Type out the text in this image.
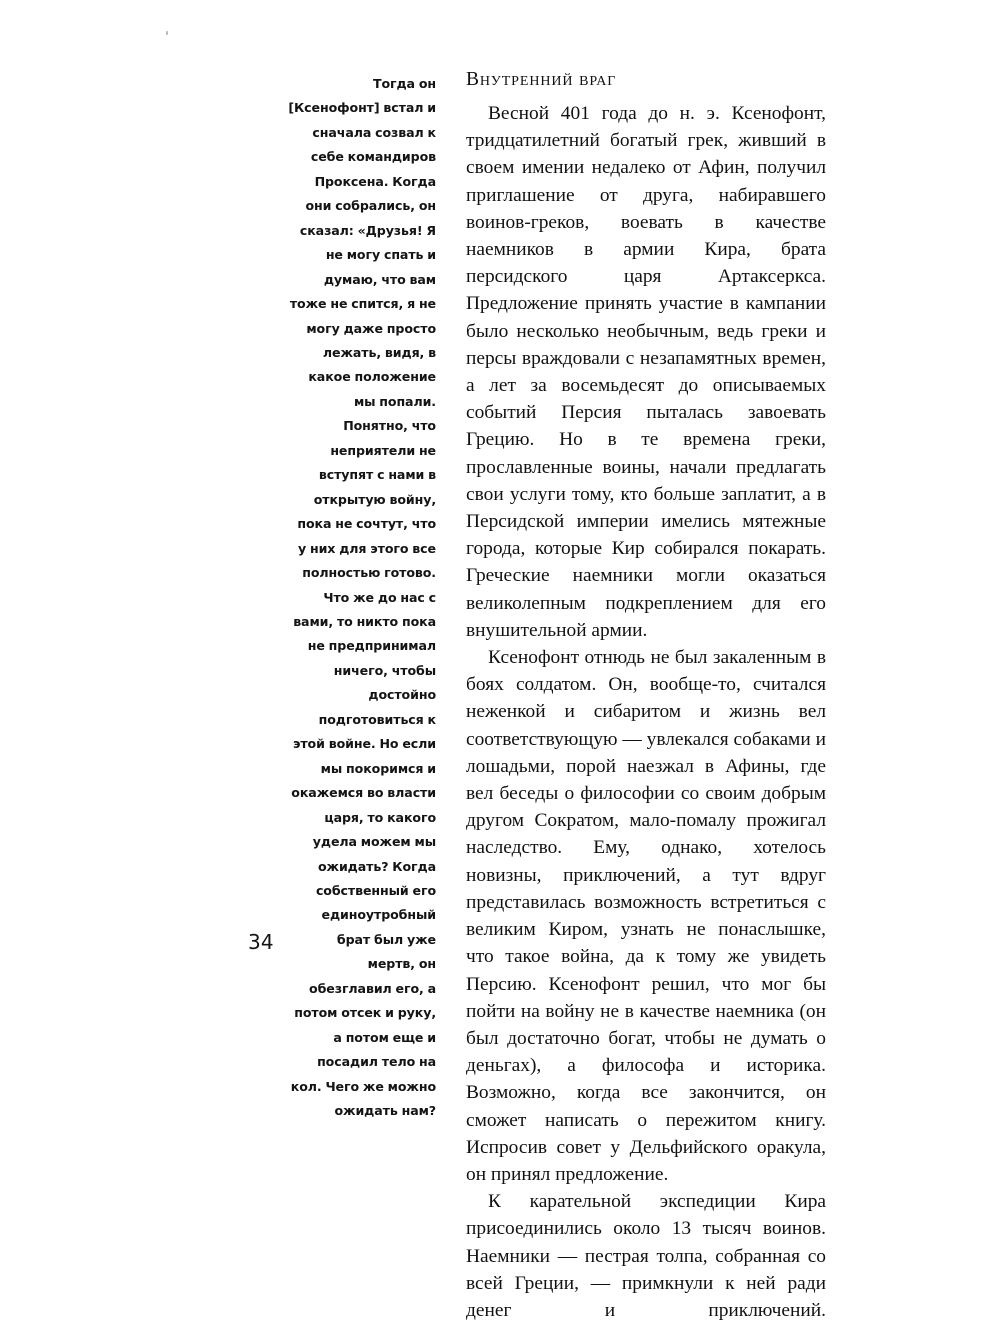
Тогда он [Ксенофонт] встал и сначала созвал к себе командиров Проксена. Когда они собрались, он сказал: «Друзья! Я не могу спать и думаю, что вам тоже не спится, я не могу даже просто лежать, видя, в какое положение мы попали. Понятно, что неприятели не вступят с нами в открытую войну, пока не сочтут, что у них для этого все полностью готово. Что же до нас с вами, то никто пока не предпринимал ничего, чтобы достойно подготовиться к этой войне. Но если мы покоримся и окажемся во власти царя, то какого удела можем мы ожидать? Когда собственный его единоутробный брат был уже мертв, он обезглавил его, а потом отсек и руку, а потом еще и посадил тело на кол. Чего же можно ожидать нам?
Внутренний враг

Весной 401 года до н. э. Ксенофонт, тридцатилетний богатый грек, живший в своем имении недалеко от Афин, получил приглашение от друга, набиравшего воинов-греков, воевать в качестве наемников в армии Кира, брата персидского царя Артаксеркса. Предложение принять участие в кампании было несколько необычным, ведь греки и персы враждовали с незапамятных времен, а лет за восемьдесят до описываемых событий Персия пыталась завоевать Грецию. Но в те времена греки, прославленные воины, начали предлагать свои услуги тому, кто больше заплатит, а в Персидской империи имелись мятежные города, которые Кир собирался покарать. Греческие наемники могли оказаться великолепным подкреплением для его внушительной армии.

Ксенофонт отнюдь не был закаленным в боях солдатом. Он, вообще-то, считался неженкой и сибаритом и жизнь вел соответствующую — увлекался собаками и лошадьми, порой наезжал в Афины, где вел беседы о философии со своим добрым другом Сократом, мало-помалу прожигал наследство. Ему, однако, хотелось новизны, приключений, а тут вдруг представилась возможность встретиться с великим Киром, узнать не понаслышке, что такое война, да к тому же увидеть Персию. Ксенофонт решил, что мог бы пойти на войну не в качестве наемника (он был достаточно богат, чтобы не думать о деньгах), а философа и историка. Возможно, когда все закончится, он сможет написать о пережитом книгу. Испросив совет у Дельфийского оракула, он принял предложение.

К карательной экспедиции Кира присоединились около 13 тысяч воинов. Наемники — пестрая толпа, собранная со всей Греции, — примкнули к ней ради денег и приключений.

34
